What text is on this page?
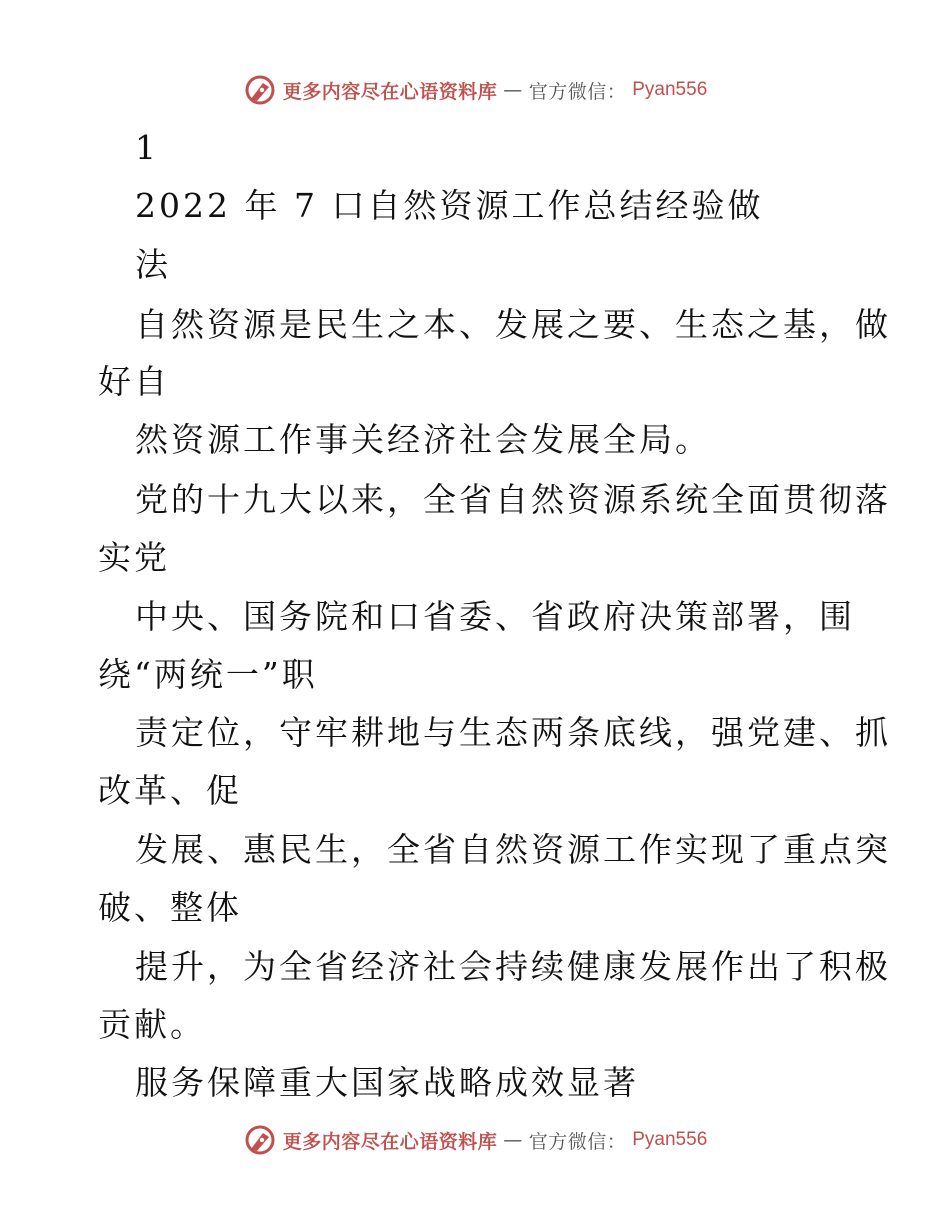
更多内容尽在心语资料库 — 官方微信： Pyan556
1
2022 年 7 口自然资源工作总结经验做
法
自然资源是民生之本、发展之要、生态之基，做
好自
然资源工作事关经济社会发展全局。
党的十九大以来，全省自然资源系统全面贯彻落
实党
中央、国务院和口省委、省政府决策部署，围
绕“两统一”职
责定位，守牢耕地与生态两条底线，强党建、抓
改革、促
发展、惠民生，全省自然资源工作实现了重点突
破、整体
提升，为全省经济社会持续健康发展作出了积极
贡献。
服务保障重大国家战略成效显著
更多内容尽在心语资料库 — 官方微信： Pyan556
